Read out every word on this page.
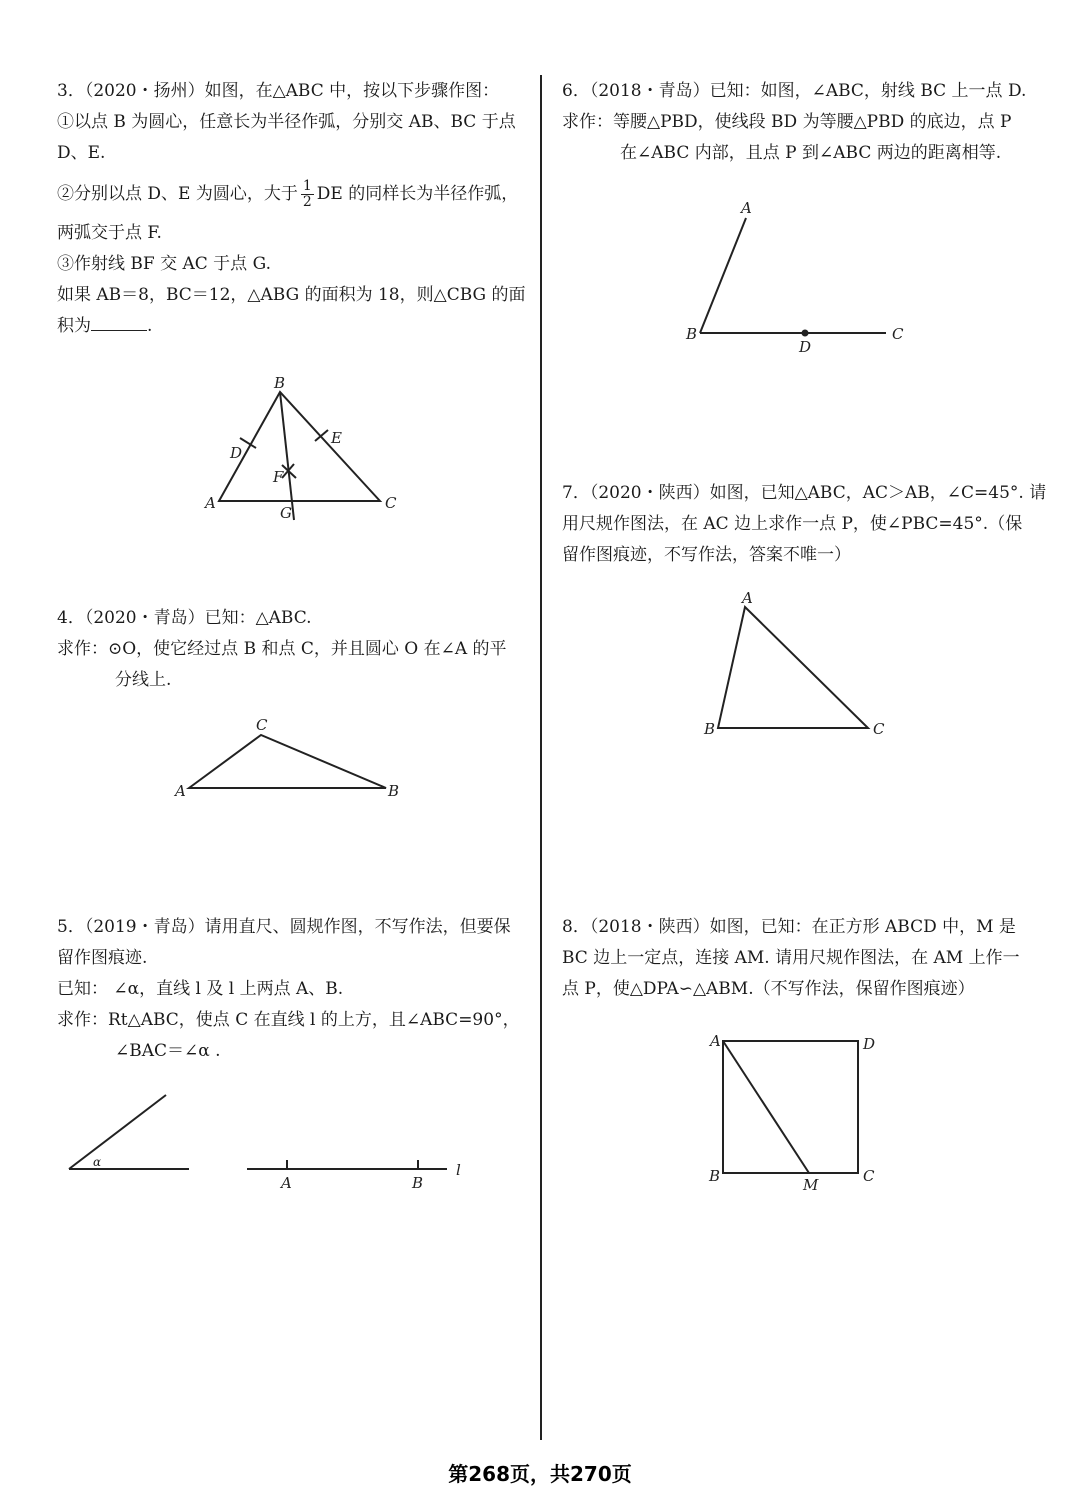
3．（2020・扬州）如图，在△ABC 中，按以下步骤作图：

①以点 B 为圆心，任意长为半径作弧，分别交 AB、BC 于点

D、E.

②分别以点 D、E 为圆心，大于 $\frac{1}{2}$ DE 的同样长为半径作弧，

两弧交于点 F.

③作射线 BF 交 AC 于点 G.

如果 AB＝8，BC＝12，△ABG 的面积为 18，则△CBG 的面

积为	.

B
D
E
F
A
G
C

4．（2020・青岛）已知：△ABC.

求作：⊙O，使它经过点 B 和点 C，并且圆心 O 在∠A 的平

分线上.

C
A	B

5．（2019・青岛）请用直尺、圆规作图，不写作法，但要保

留作图痕迹.

已知： ∠α，直线 l 及 l 上两点 A、B.

求作：Rt△ABC，使点 C 在直线 l 的上方，且∠ABC=90°，

∠BAC＝∠α .

α
A	B
l

6．（2018・青岛）已知：如图，∠ABC，射线 BC 上一点 D.

求作：等腰△PBD，使线段 BD 为等腰△PBD 的底边，点 P

在∠ABC 内部，且点 P 到∠ABC 两边的距离相等.

A
B
D
C

7．（2020・陕西）如图，已知△ABC，AC＞AB，∠C=45°. 请

用尺规作图法，在 AC 边上求作一点 P，使∠PBC=45°.（保

留作图痕迹，不写作法，答案不唯一）

A
B	C

8．（2018・陕西）如图，已知：在正方形 ABCD 中，M 是

BC 边上一定点，连接 AM. 请用尺规作图法，在 AM 上作一

点 P，使△DPA∽△ABM.（不写作法，保留作图痕迹）

A	D
B	C
M
第268页，共270页
